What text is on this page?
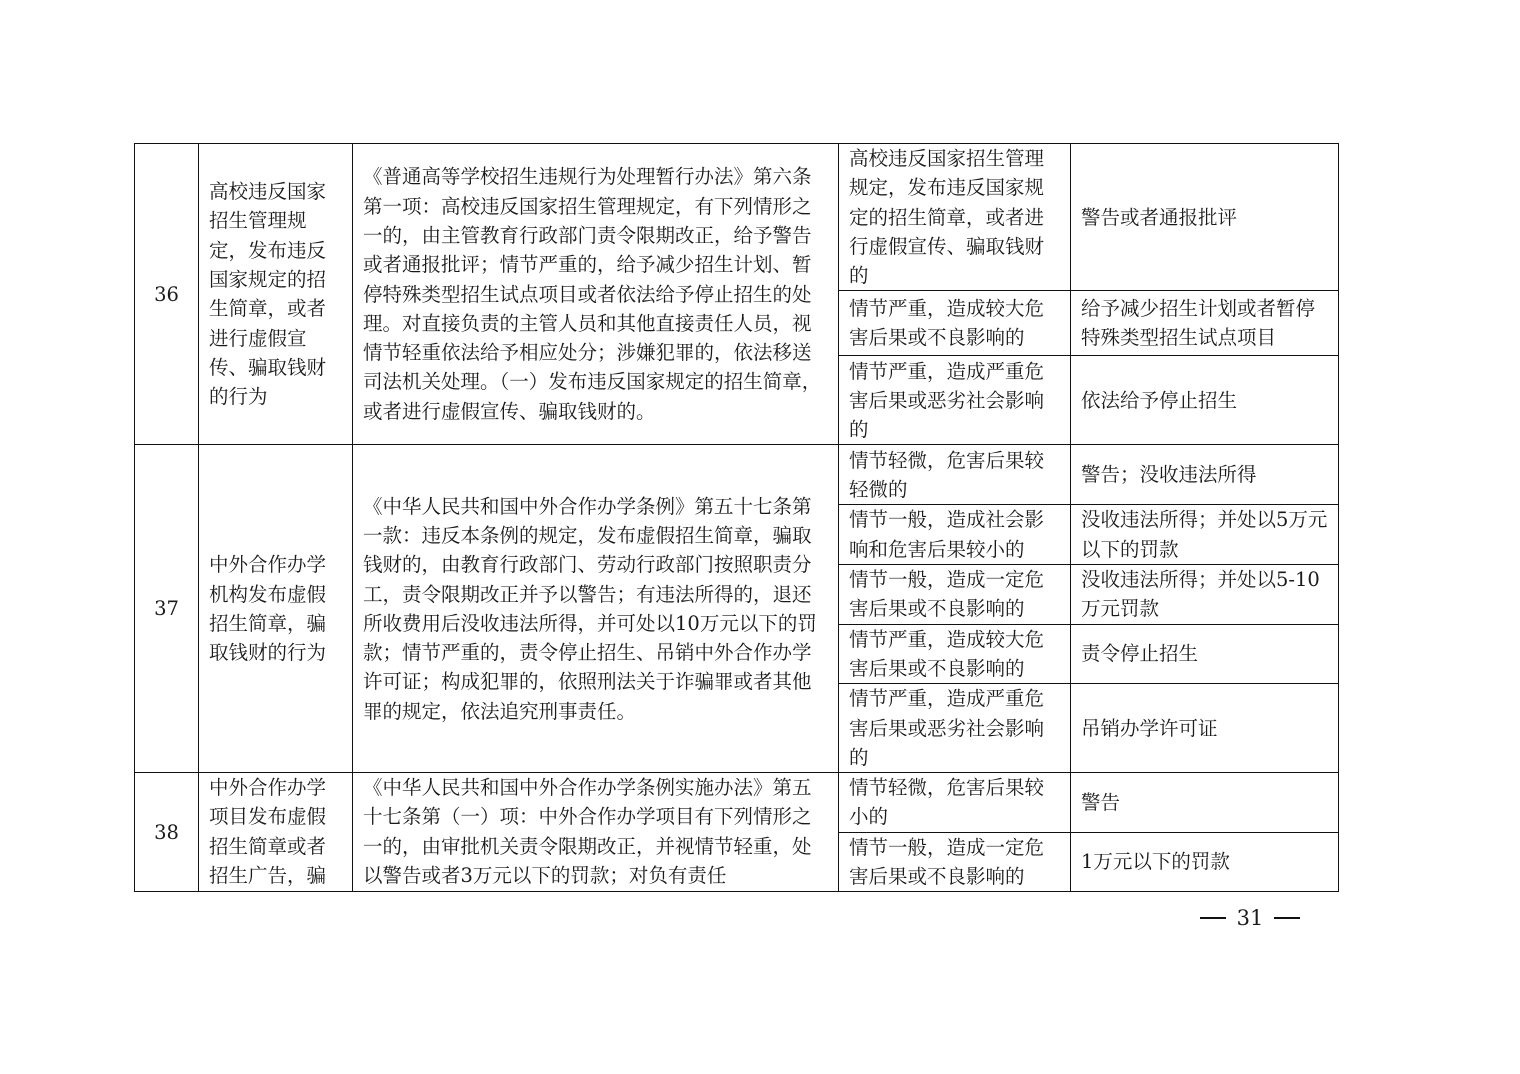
36	高校违反国家招生管理规定，发布违反国家规定的招生简章，或者进行虚假宣传、骗取钱财的行为	《普通高等学校招生违规行为处理暂行办法》第六条第一项：高校违反国家招生管理规定，有下列情形之一的，由主管教育行政部门责令限期改正，给予警告或者通报批评；情节严重的，给予减少招生计划、暂停特殊类型招生试点项目或者依法给予停止招生的处理。对直接负责的主管人员和其他直接责任人员，视情节轻重依法给予相应处分；涉嫌犯罪的，依法移送司法机关处理。（一）发布违反国家规定的招生简章，或者进行虚假宣传、骗取钱财的。	高校违反国家招生管理规定，发布违反国家规定的招生简章，或者进行虚假宣传、骗取钱财的	警告或者通报批评
			情节严重，造成较大危害后果或不良影响的	给予减少招生计划或者暂停特殊类型招生试点项目
			情节严重，造成严重危害后果或恶劣社会影响的	依法给予停止招生
37	中外合作办学机构发布虚假招生简章，骗取钱财的行为	《中华人民共和国中外合作办学条例》第五十七条第一款：违反本条例的规定，发布虚假招生简章，骗取钱财的，由教育行政部门、劳动行政部门按照职责分工，责令限期改正并予以警告；有违法所得的，退还所收费用后没收违法所得，并可处以10万元以下的罚款；情节严重的，责令停止招生、吊销中外合作办学许可证；构成犯罪的，依照刑法关于诈骗罪或者其他罪的规定，依法追究刑事责任。	情节轻微，危害后果较轻微的	警告；没收违法所得
			情节一般，造成社会影响和危害后果较小的	没收违法所得；并处以5万元以下的罚款
			情节一般，造成一定危害后果或不良影响的	没收违法所得；并处以5-10万元罚款
			情节严重，造成较大危害后果或不良影响的	责令停止招生
			情节严重，造成严重危害后果或恶劣社会影响的	吊销办学许可证
38	中外合作办学项目发布虚假招生简章或者招生广告，骗	《中华人民共和国中外合作办学条例实施办法》第五十七条第（一）项：中外合作办学项目有下列情形之一的，由审批机关责令限期改正，并视情节轻重，处以警告或者3万元以下的罚款；对负有责任	情节轻微，危害后果较小的	警告
			情节一般，造成一定危害后果或不良影响的	1万元以下的罚款
31
